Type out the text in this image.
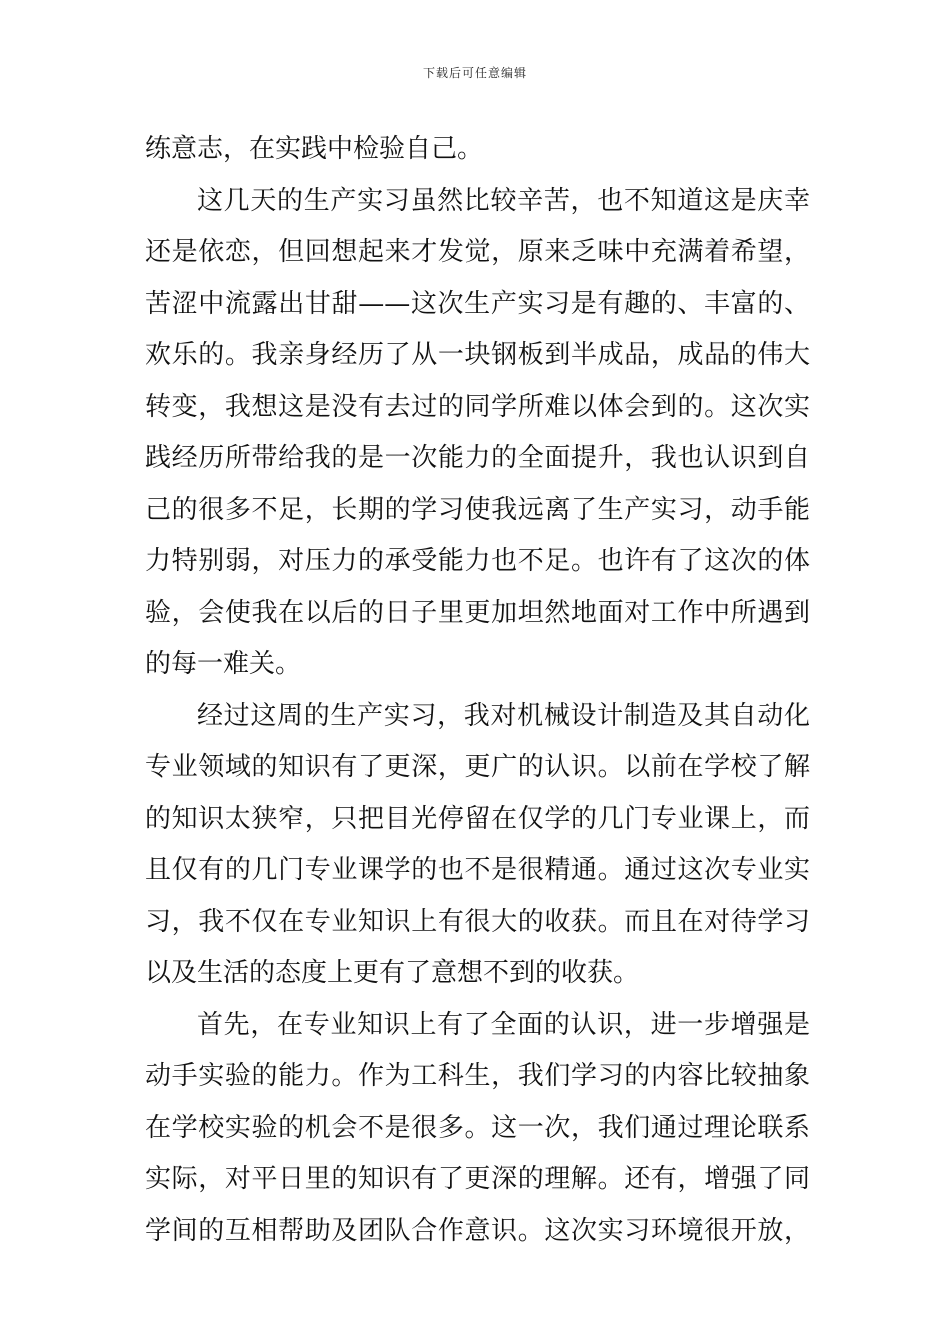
下载后可任意编辑
练意志，在实践中检验自己。
这几天的生产实习虽然比较辛苦，也不知道这是庆幸
还是依恋，但回想起来才发觉，原来乏味中充满着希望，
苦涩中流露出甘甜——这次生产实习是有趣的、丰富的、
欢乐的。我亲身经历了从一块钢板到半成品，成品的伟大
转变，我想这是没有去过的同学所难以体会到的。这次实
践经历所带给我的是一次能力的全面提升，我也认识到自
己的很多不足，长期的学习使我远离了生产实习，动手能
力特别弱，对压力的承受能力也不足。也许有了这次的体
验，会使我在以后的日子里更加坦然地面对工作中所遇到
的每一难关。
经过这周的生产实习，我对机械设计制造及其自动化
专业领域的知识有了更深，更广的认识。以前在学校了解
的知识太狭窄，只把目光停留在仅学的几门专业课上，而
且仅有的几门专业课学的也不是很精通。通过这次专业实
习，我不仅在专业知识上有很大的收获。而且在对待学习
以及生活的态度上更有了意想不到的收获。
首先，在专业知识上有了全面的认识，进一步增强是
动手实验的能力。作为工科生，我们学习的内容比较抽象
在学校实验的机会不是很多。这一次，我们通过理论联系
实际，对平日里的知识有了更深的理解。还有，增强了同
学间的互相帮助及团队合作意识。这次实习环境很开放，
